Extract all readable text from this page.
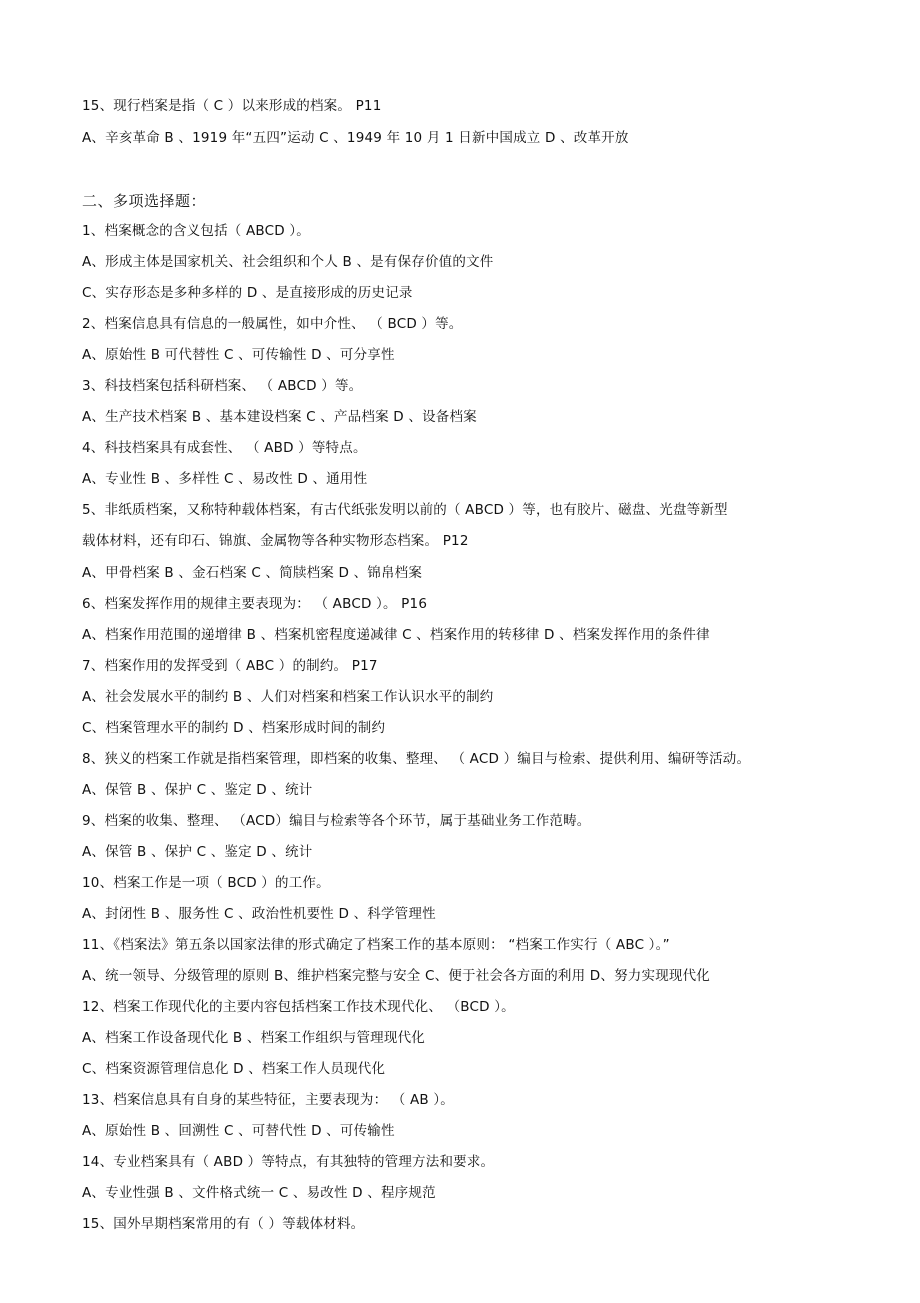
15、现行档案是指（ C ）以来形成的档案。 P11
A、辛亥革命 B 、1919 年“五四”运动 C 、1949 年 10 月 1 日新中国成立 D 、改革开放
二、多项选择题：
1、档案概念的含义包括（ ABCD ）。
A、形成主体是国家机关、社会组织和个人 B 、是有保存价值的文件
C、实存形态是多种多样的 D 、是直接形成的历史记录
2、档案信息具有信息的一般属性，如中介性、 （ BCD ）等。
A、原始性 B 可代替性 C 、可传输性 D 、可分享性
3、科技档案包括科研档案、 （ ABCD ）等。
A、生产技术档案 B 、基本建设档案 C 、产品档案 D 、设备档案
4、科技档案具有成套性、 （ ABD ）等特点。
A、专业性 B 、多样性 C 、易改性 D 、通用性
5、非纸质档案，又称特种载体档案，有古代纸张发明以前的（ ABCD ）等，也有胶片、磁盘、光盘等新型
载体材料，还有印石、锦旗、金属物等各种实物形态档案。 P12
A、甲骨档案 B 、金石档案 C 、简牍档案 D 、锦帛档案
6、档案发挥作用的规律主要表现为： （ ABCD ）。 P16
A、档案作用范围的递增律 B 、档案机密程度递减律 C 、档案作用的转移律 D 、档案发挥作用的条件律
7、档案作用的发挥受到（ ABC ）的制约。 P17
A、社会发展水平的制约 B 、人们对档案和档案工作认识水平的制约
C、档案管理水平的制约 D 、档案形成时间的制约
8、狭义的档案工作就是指档案管理，即档案的收集、整理、 （ ACD ）编目与检索、提供利用、编研等活动。
A、保管 B 、保护 C 、鉴定 D 、统计
9、档案的收集、整理、 （ACD）编目与检索等各个环节，属于基础业务工作范畴。
A、保管 B 、保护 C 、鉴定 D 、统计
10、档案工作是一项（ BCD ）的工作。
A、封闭性 B 、服务性 C 、政治性机要性 D 、科学管理性
11、《档案法》第五条以国家法律的形式确定了档案工作的基本原则： “档案工作实行（ ABC ）。”
A、统一领导、分级管理的原则 B、维护档案完整与安全 C、便于社会各方面的利用 D、努力实现现代化
12、档案工作现代化的主要内容包括档案工作技术现代化、 （BCD ）。
A、档案工作设备现代化 B 、档案工作组织与管理现代化
C、档案资源管理信息化 D 、档案工作人员现代化
13、档案信息具有自身的某些特征，主要表现为： （ AB ）。
A、原始性 B 、回溯性 C 、可替代性 D 、可传输性
14、专业档案具有（ ABD ）等特点，有其独特的管理方法和要求。
A、专业性强 B 、文件格式统一 C 、易改性 D 、程序规范
15、国外早期档案常用的有（ ）等载体材料。
